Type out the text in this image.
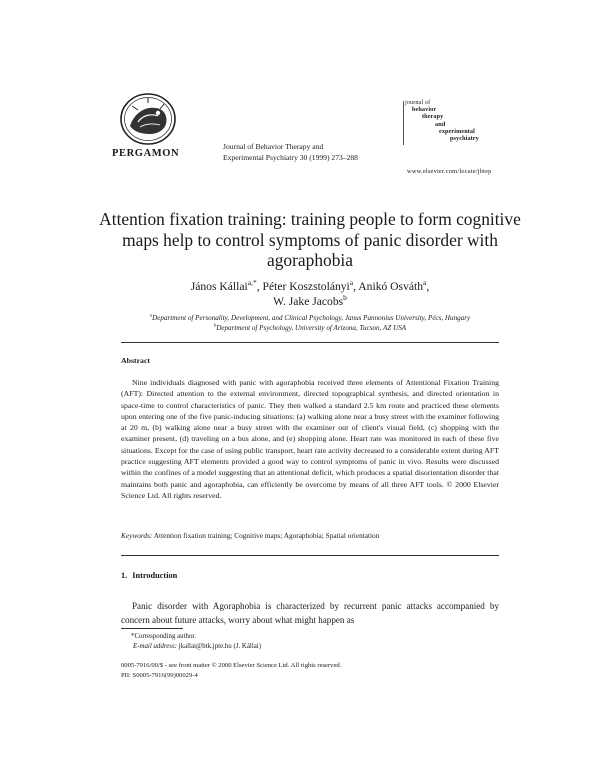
PERGAMON
Journal of Behavior Therapy and
Experimental Psychiatry 30 (1999) 273–288
journal of
behavior
therapy
and
experimental
psychiatry
www.elsevier.com/locate/jbtep
Attention fixation training: training people to form cognitive maps help to control symptoms of panic disorder with agoraphobia
János Kállai$^{a,*}$, Péter Koszstolányi$^a$, Anikó Osváth$^a$,
W. Jake Jacobs$^b$
$^a$Department of Personality, Development, and Clinical Psychology, Janus Pannonius University, Pécs, Hungary
$^b$Department of Psychology, University of Arizona, Tucson, AZ USA
Abstract

Nine individuals diagnosed with panic with agoraphobia received three elements of Attentional Fixation Training (AFT): Directed attention to the external environment, directed topographical synthesis, and directed orientation in space-time to control characteristics of panic. They then walked a standard 2.5 km route and practiced these elements upon entering one of the five panic-inducing situations: (a) walking alone near a busy street with the examiner following at 20 m, (b) walking alone near a busy street with the examiner out of client's visual field, (c) shopping with the examiner present, (d) traveling on a bus alone, and (e) shopping alone. Heart rate was monitored in each of these five situations. Except for the case of using public transport, heart rate activity decreased to a considerable extent during AFT practice suggesting AFT elements provided a good way to control symptoms of panic in vivo. Results were discussed within the confines of a model suggesting that an attentional deficit, which produces a spatial disorientation disorder that maintains both panic and agoraphobia, can efficiently be overcome by means of all three AFT tools. © 2000 Elsevier Science Ltd. All rights reserved.

Keywords: Attention fixation training; Cognitive maps; Agoraphobia; Spatial orientation
1. Introduction

Panic disorder with Agoraphobia is characterized by recurrent panic attacks accompanied by concern about future attacks, worry about what might happen as

*Corresponding author.
E-mail address: jkallai@btk.jpte.hu (J. Kállai)
0005-7916/00/$ - see front matter © 2000 Elsevier Science Ltd. All rights reserved.
PII: S0005-7916(99)00029-4
